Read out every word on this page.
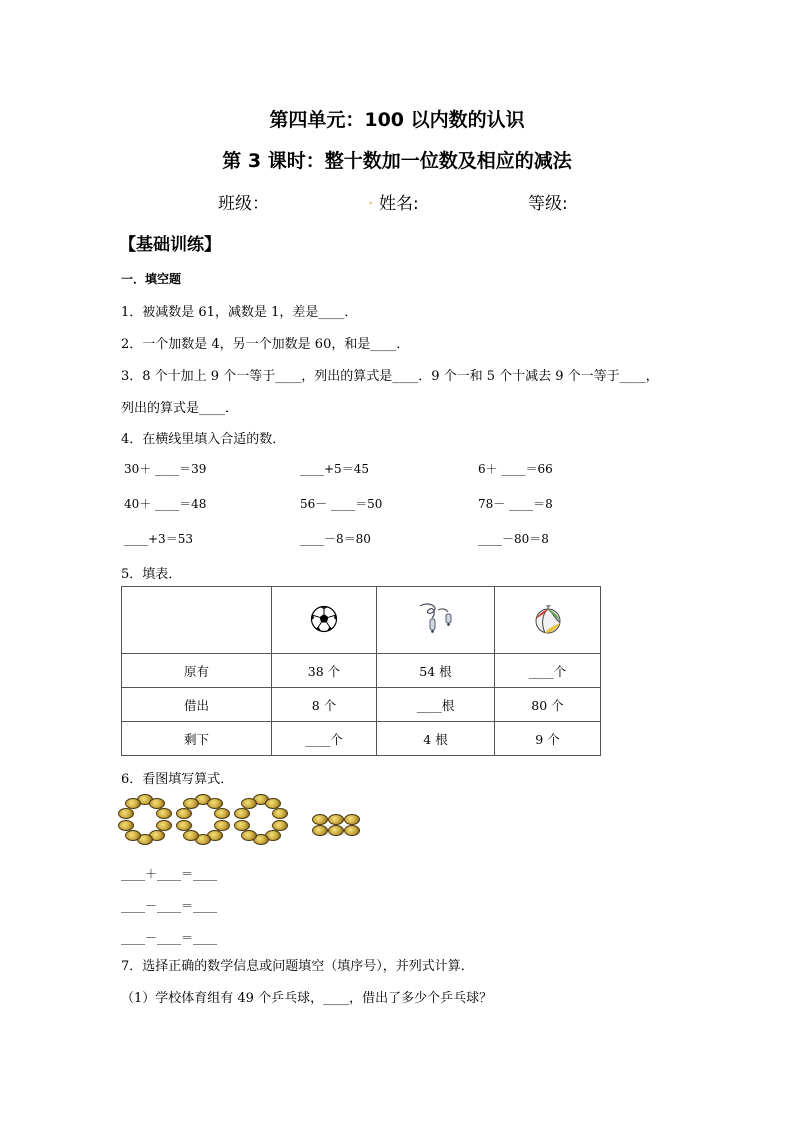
第四单元：100 以内数的认识
第 3 课时：整十数加一位数及相应的减法
班级：	. 姓名:	等级:
【基础训练】
一．填空题
1．被减数是 61，减数是 1，差是____．
2．一个加数是 4，另一个加数是 60，和是____．
3．8 个十加上 9 个一等于____，列出的算式是____．9 个一和 5 个十减去 9 个一等于____，
列出的算式是____．
4．在横线里填入合适的数．
30＋ ____＝39	____+5＝45	6＋ ____＝66
40＋ ____＝48	56－ ____＝50	78－ ____＝8
____+3＝53	____－8＝80	____－80＝8
5．填表．

原有	38 个	54 根	____个
借出	8 个	____根	80 个
剩下	____个	4 根	9 个
6．看图填写算式．
____＋____＝____
____－____＝____
____－____＝____
7．选择正确的数学信息或问题填空（填序号），并列式计算．
（1）学校体育组有 49 个乒乓球，____，借出了多少个乒乓球？
